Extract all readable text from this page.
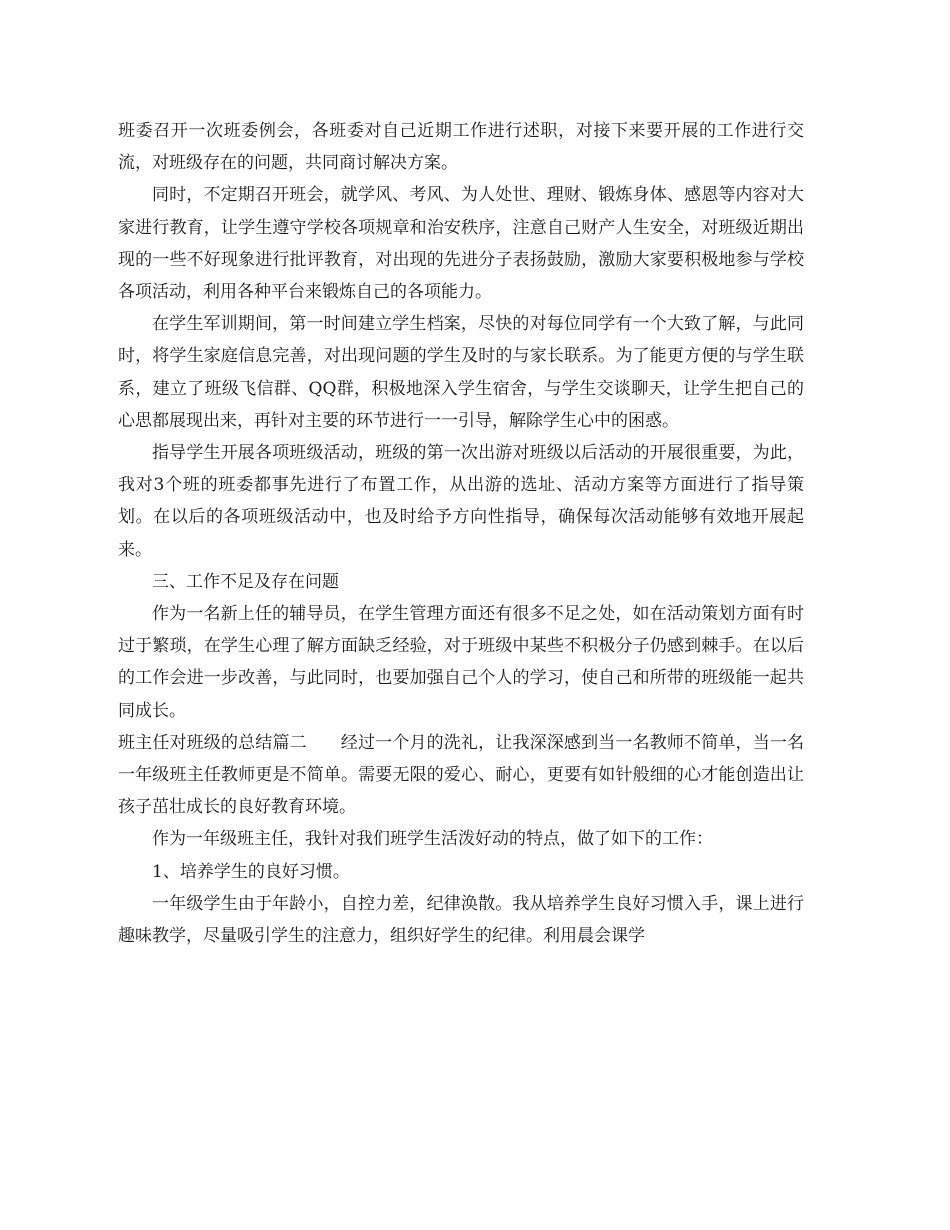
班委召开一次班委例会，各班委对自己近期工作进行述职，对接下来要开展的工作进行交流，对班级存在的问题，共同商讨解决方案。

同时，不定期召开班会，就学风、考风、为人处世、理财、锻炼身体、感恩等内容对大家进行教育，让学生遵守学校各项规章和治安秩序，注意自己财产人生安全，对班级近期出现的一些不好现象进行批评教育，对出现的先进分子表扬鼓励，激励大家要积极地参与学校各项活动，利用各种平台来锻炼自己的各项能力。

在学生军训期间，第一时间建立学生档案，尽快的对每位同学有一个大致了解，与此同时，将学生家庭信息完善，对出现问题的学生及时的与家长联系。为了能更方便的与学生联系，建立了班级飞信群、QQ群，积极地深入学生宿舍，与学生交谈聊天，让学生把自己的心思都展现出来，再针对主要的环节进行一一引导，解除学生心中的困惑。

指导学生开展各项班级活动，班级的第一次出游对班级以后活动的开展很重要，为此，我对3个班的班委都事先进行了布置工作，从出游的选址、活动方案等方面进行了指导策划。在以后的各项班级活动中，也及时给予方向性指导，确保每次活动能够有效地开展起来。

三、工作不足及存在问题

作为一名新上任的辅导员，在学生管理方面还有很多不足之处，如在活动策划方面有时过于繁琐，在学生心理了解方面缺乏经验，对于班级中某些不积极分子仍感到棘手。在以后的工作会进一步改善，与此同时，也要加强自己个人的学习，使自己和所带的班级能一起共同成长。

班主任对班级的总结篇二 经过一个月的洗礼，让我深深感到当一名教师不简单，当一名一年级班主任教师更是不简单。需要无限的爱心、耐心，更要有如针般细的心才能创造出让孩子茁壮成长的良好教育环境。

作为一年级班主任，我针对我们班学生活泼好动的特点，做了如下的工作：

1、培养学生的良好习惯。

一年级学生由于年龄小，自控力差，纪律涣散。我从培养学生良好习惯入手，课上进行趣味教学，尽量吸引学生的注意力，组织好学生的纪律。利用晨会课学
